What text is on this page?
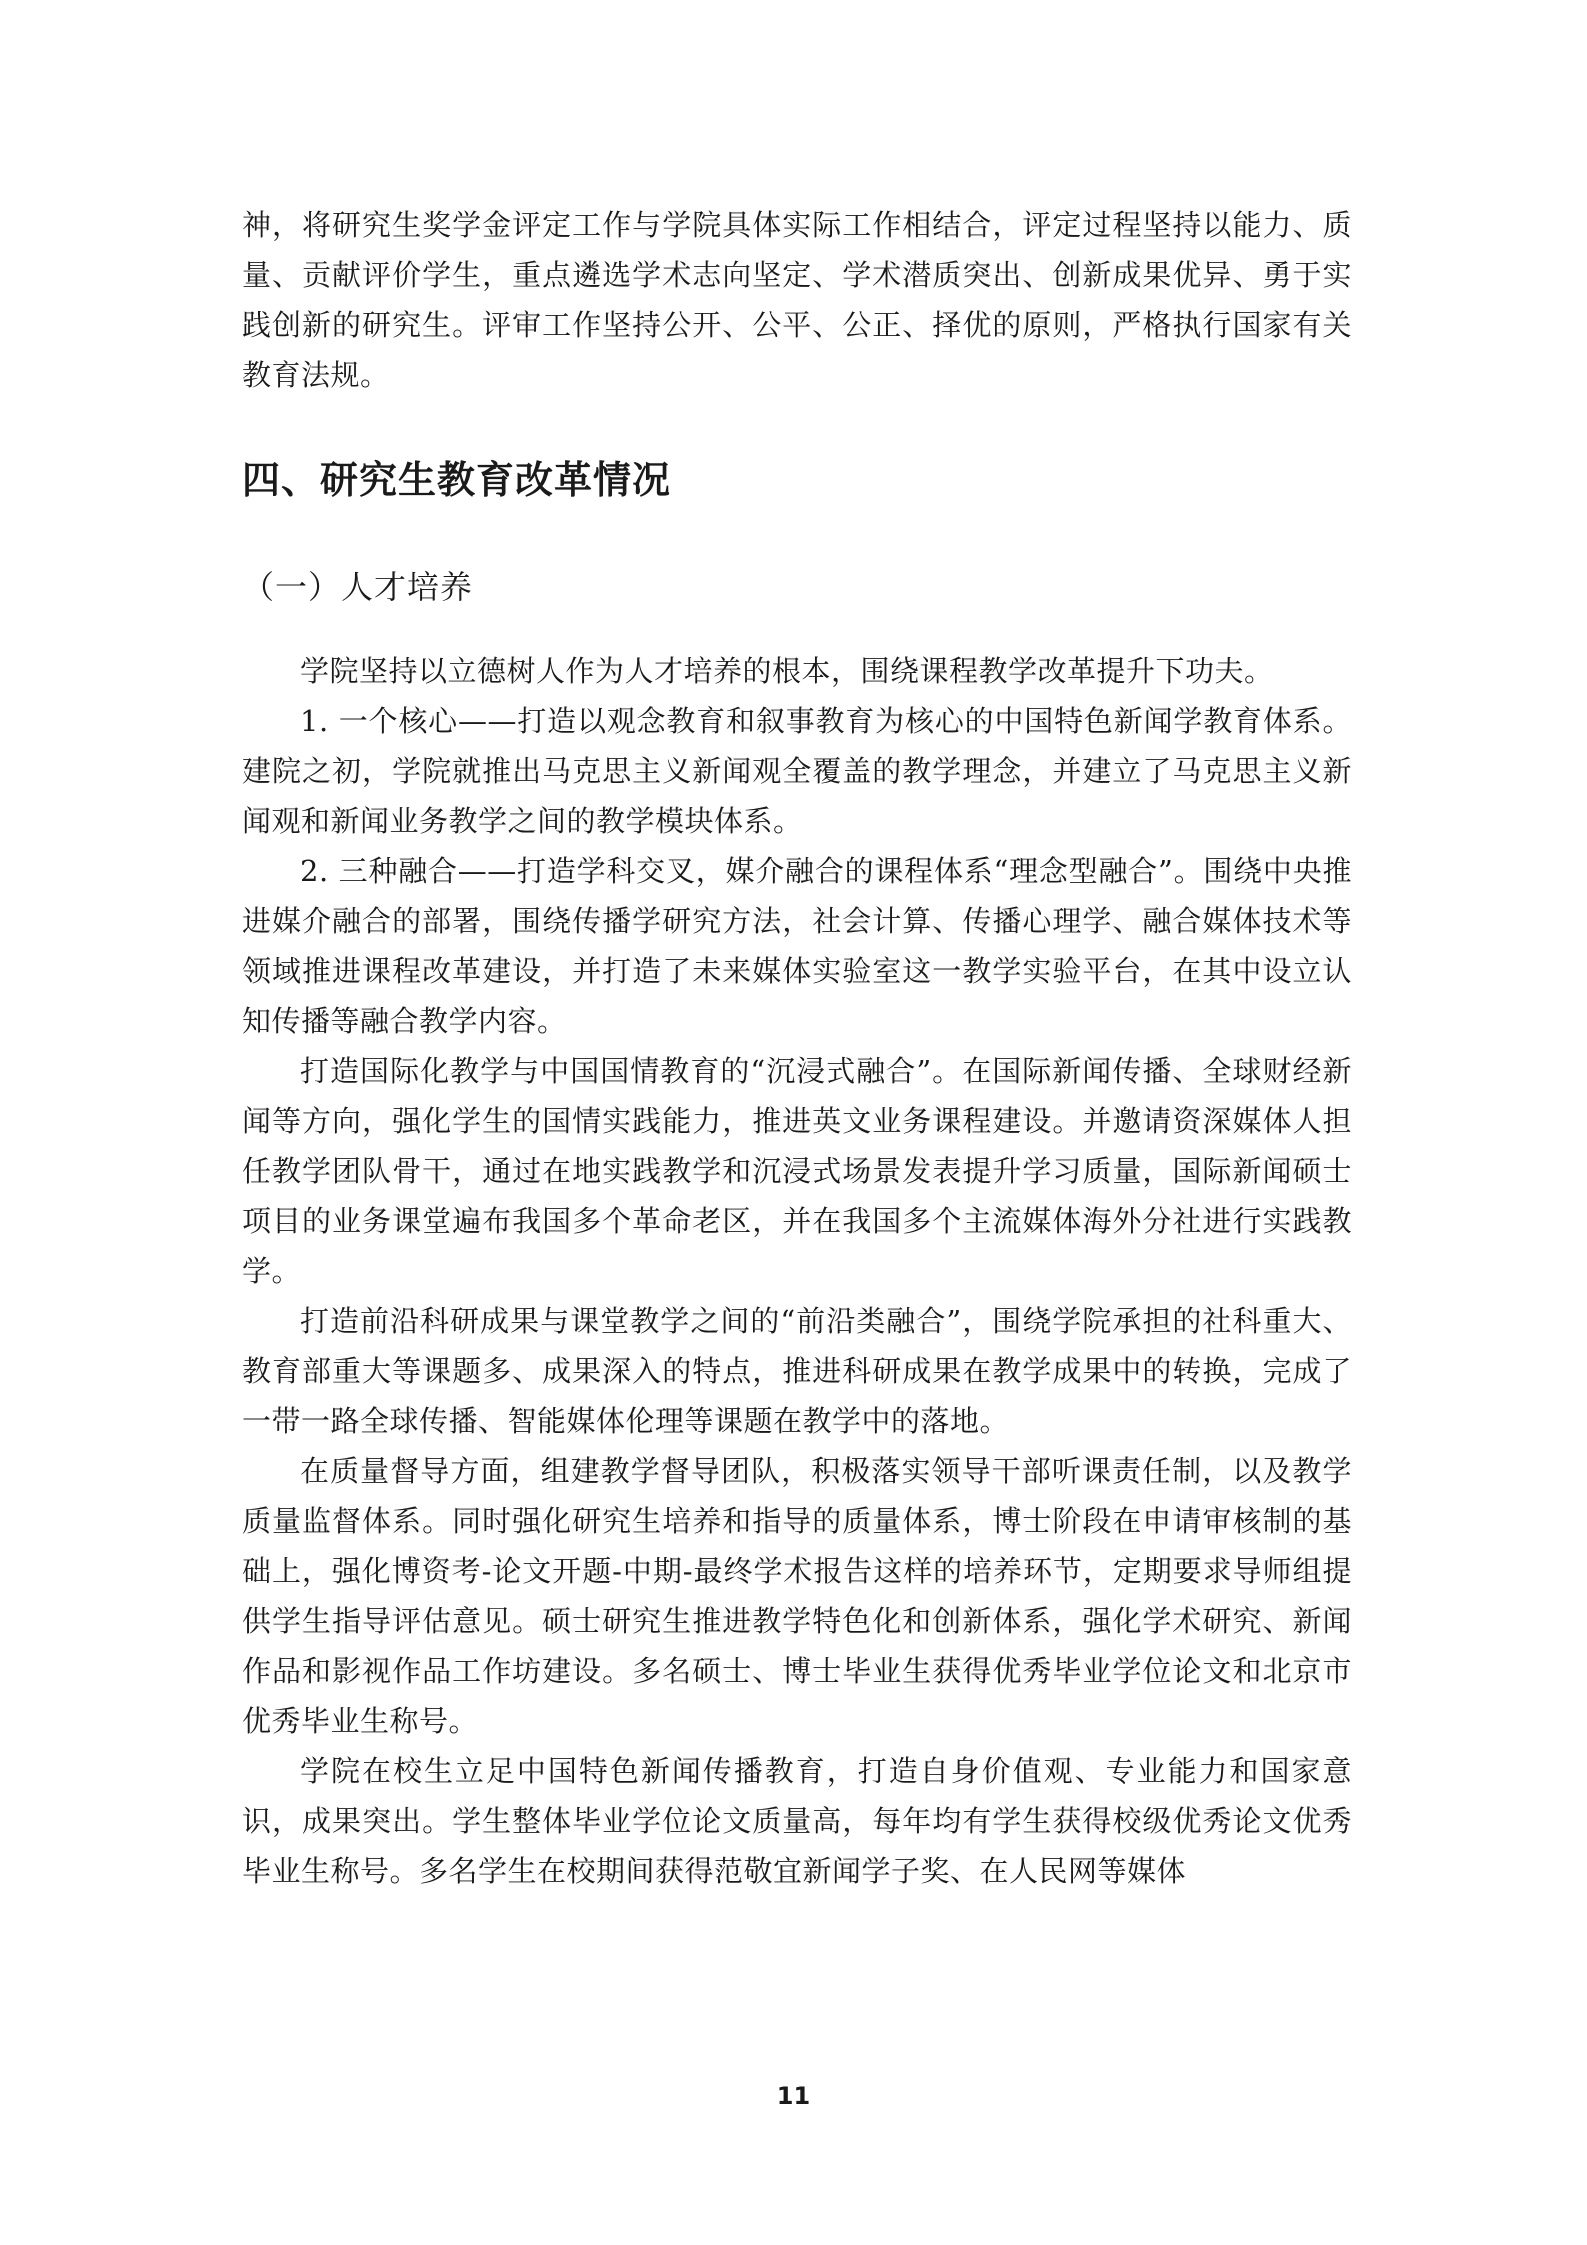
神，将研究生奖学金评定工作与学院具体实际工作相结合，评定过程坚持以能力、质量、贡献评价学生，重点遴选学术志向坚定、学术潜质突出、创新成果优异、勇于实践创新的研究生。评审工作坚持公开、公平、公正、择优的原则，严格执行国家有关教育法规。

四、研究生教育改革情况
（一）人才培养

学院坚持以立德树人作为人才培养的根本，围绕课程教学改革提升下功夫。

1. 一个核心——打造以观念教育和叙事教育为核心的中国特色新闻学教育体系。建院之初，学院就推出马克思主义新闻观全覆盖的教学理念，并建立了马克思主义新闻观和新闻业务教学之间的教学模块体系。

2. 三种融合——打造学科交叉，媒介融合的课程体系“理念型融合”。围绕中央推进媒介融合的部署，围绕传播学研究方法，社会计算、传播心理学、融合媒体技术等领域推进课程改革建设，并打造了未来媒体实验室这一教学实验平台，在其中设立认知传播等融合教学内容。

打造国际化教学与中国国情教育的“沉浸式融合”。在国际新闻传播、全球财经新闻等方向，强化学生的国情实践能力，推进英文业务课程建设。并邀请资深媒体人担任教学团队骨干，通过在地实践教学和沉浸式场景发表提升学习质量，国际新闻硕士项目的业务课堂遍布我国多个革命老区，并在我国多个主流媒体海外分社进行实践教学。

打造前沿科研成果与课堂教学之间的“前沿类融合”，围绕学院承担的社科重大、教育部重大等课题多、成果深入的特点，推进科研成果在教学成果中的转换，完成了一带一路全球传播、智能媒体伦理等课题在教学中的落地。

在质量督导方面，组建教学督导团队，积极落实领导干部听课责任制，以及教学质量监督体系。同时强化研究生培养和指导的质量体系，博士阶段在申请审核制的基础上，强化博资考-论文开题-中期-最终学术报告这样的培养环节，定期要求导师组提供学生指导评估意见。硕士研究生推进教学特色化和创新体系，强化学术研究、新闻作品和影视作品工作坊建设。多名硕士、博士毕业生获得优秀毕业学位论文和北京市优秀毕业生称号。

学院在校生立足中国特色新闻传播教育，打造自身价值观、专业能力和国家意识，成果突出。学生整体毕业学位论文质量高，每年均有学生获得校级优秀论文优秀毕业生称号。多名学生在校期间获得范敬宜新闻学子奖、在人民网等媒体

11
